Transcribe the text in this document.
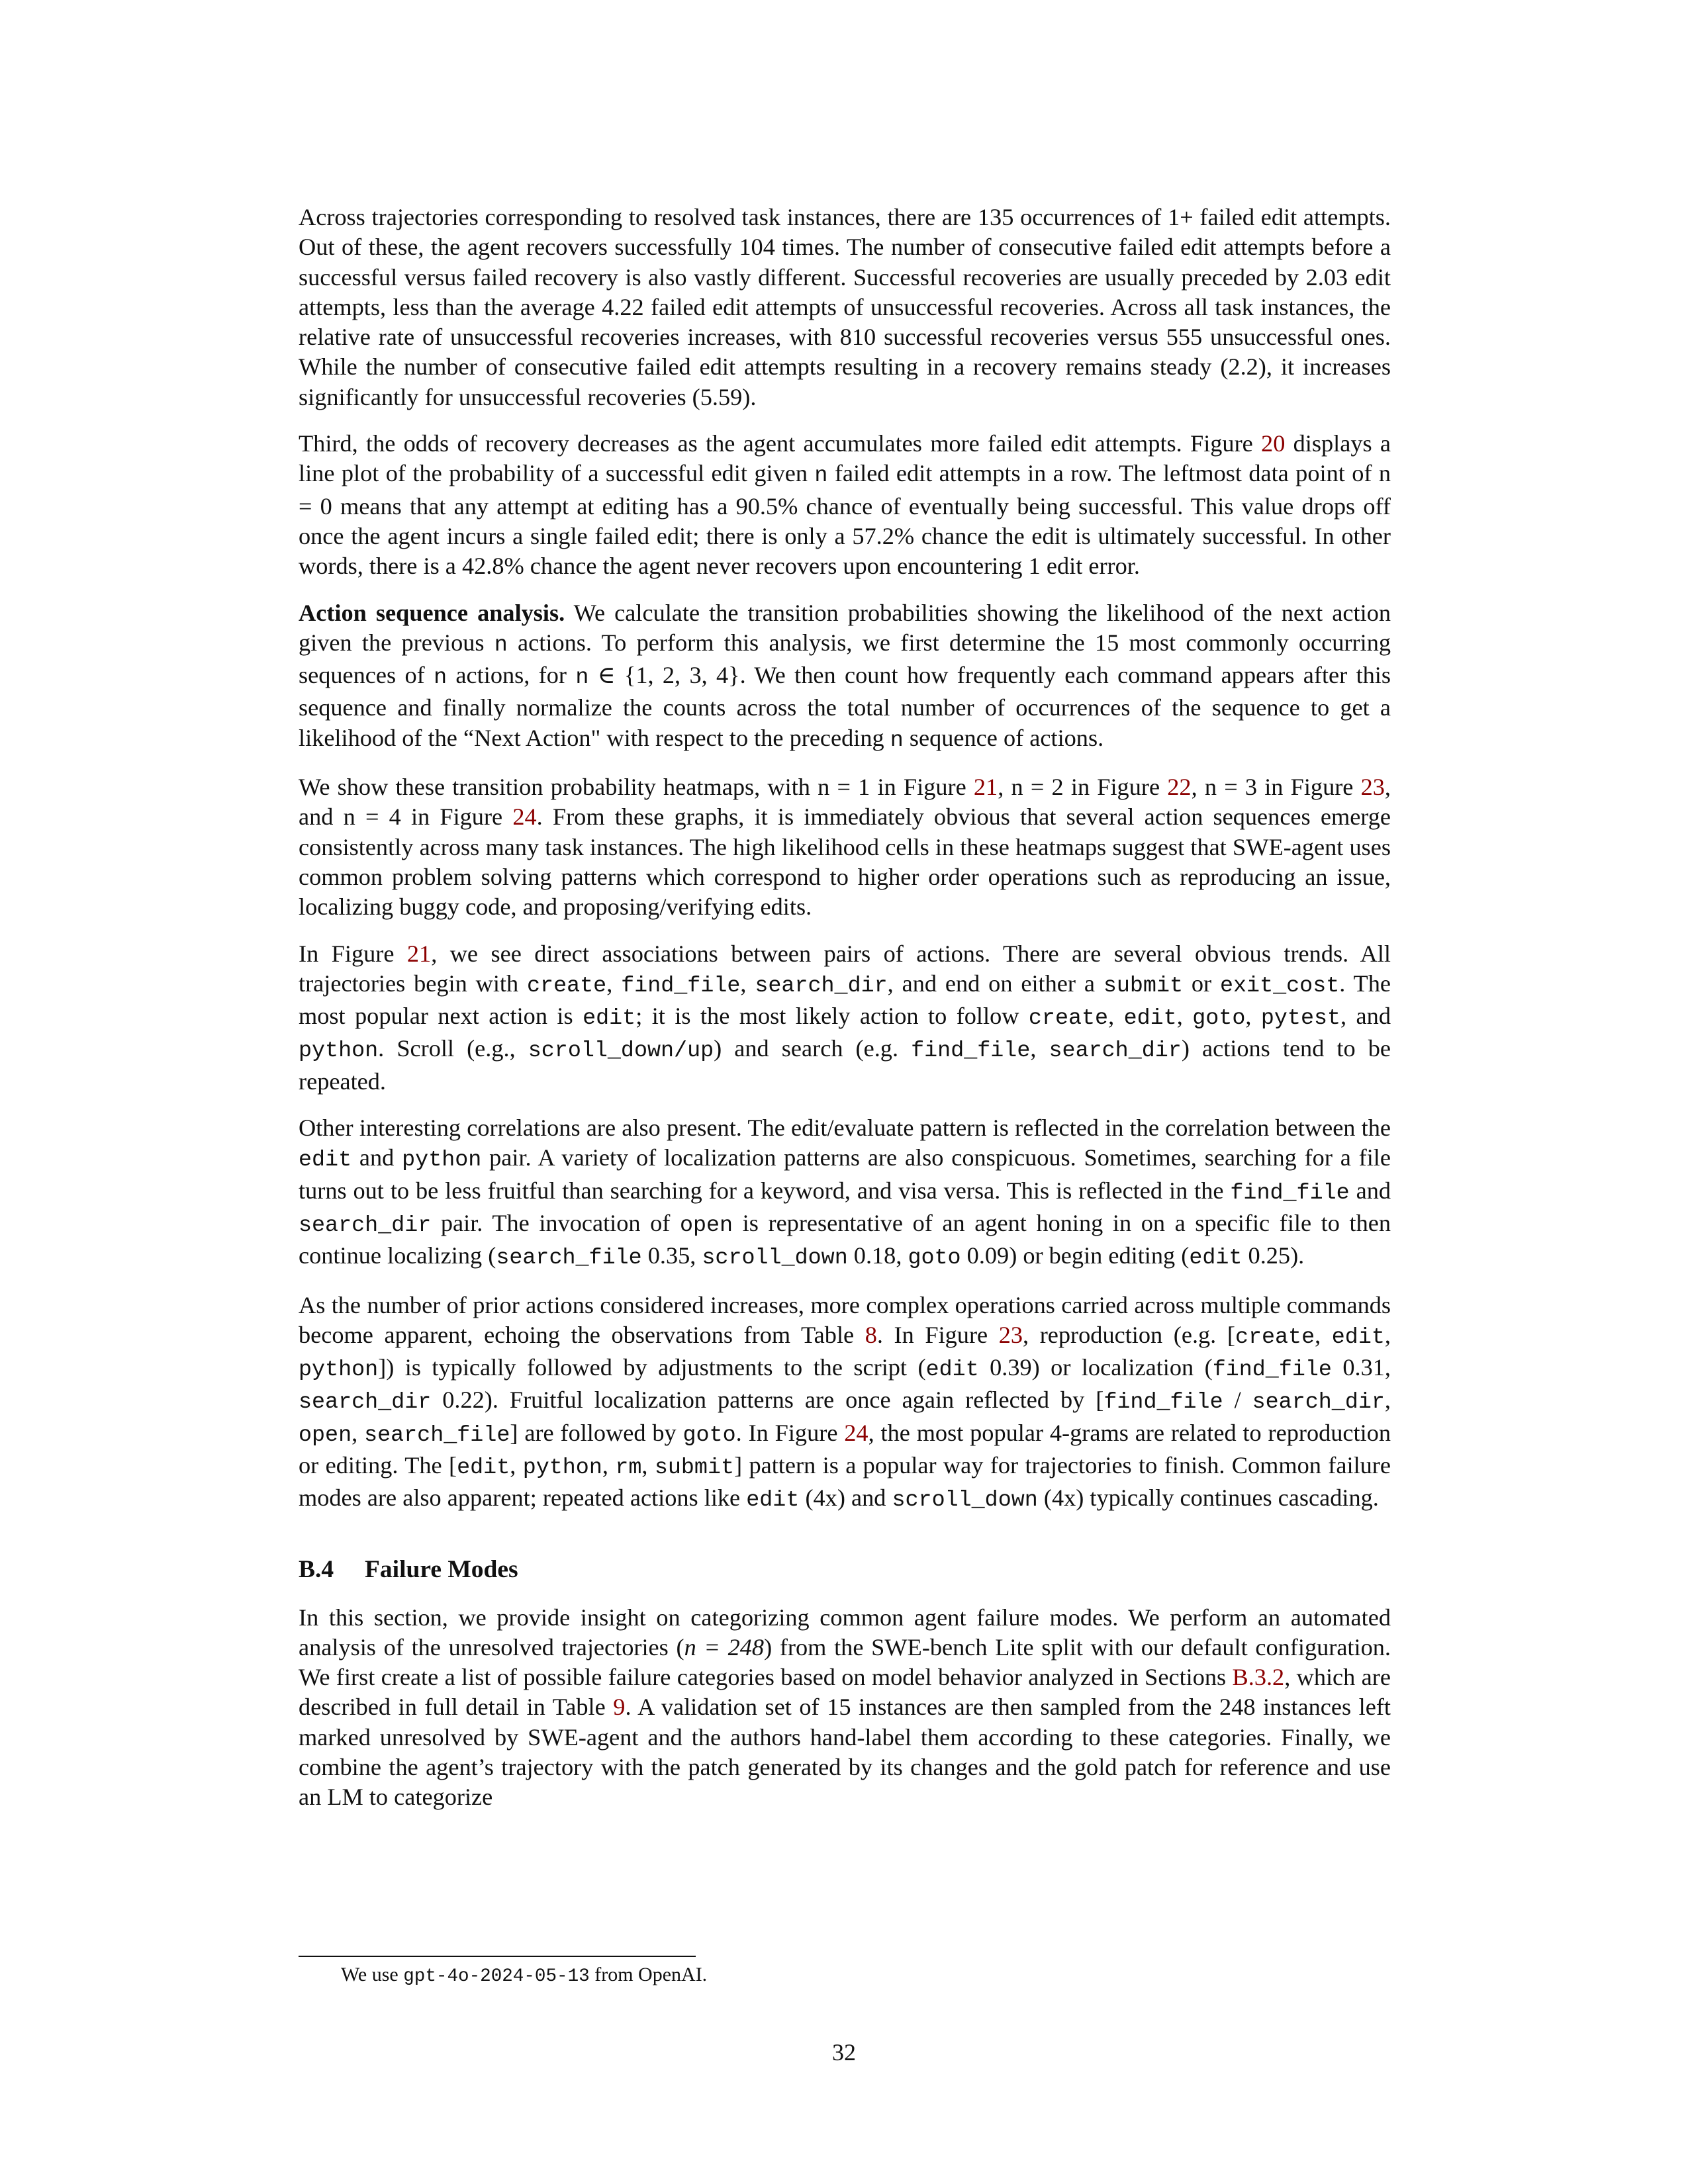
Across trajectories corresponding to resolved task instances, there are 135 occurrences of 1+ failed edit attempts. Out of these, the agent recovers successfully 104 times. The number of consecutive failed edit attempts before a successful versus failed recovery is also vastly different. Successful recoveries are usually preceded by 2.03 edit attempts, less than the average 4.22 failed edit attempts of unsuccessful recoveries. Across all task instances, the relative rate of unsuccessful recoveries increases, with 810 successful recoveries versus 555 unsuccessful ones. While the number of consecutive failed edit attempts resulting in a recovery remains steady (2.2), it increases significantly for unsuccessful recoveries (5.59).

Third, the odds of recovery decreases as the agent accumulates more failed edit attempts. Figure 20 displays a line plot of the probability of a successful edit given n failed edit attempts in a row. The leftmost data point of n = 0 means that any attempt at editing has a 90.5% chance of eventually being successful. This value drops off once the agent incurs a single failed edit; there is only a 57.2% chance the edit is ultimately successful. In other words, there is a 42.8% chance the agent never recovers upon encountering 1 edit error.

Action sequence analysis. We calculate the transition probabilities showing the likelihood of the next action given the previous n actions. To perform this analysis, we first determine the 15 most commonly occurring sequences of n actions, for n ∈ {1, 2, 3, 4}. We then count how frequently each command appears after this sequence and finally normalize the counts across the total number of occurrences of the sequence to get a likelihood of the “Next Action" with respect to the preceding n sequence of actions.

We show these transition probability heatmaps, with n = 1 in Figure 21, n = 2 in Figure 22, n = 3 in Figure 23, and n = 4 in Figure 24. From these graphs, it is immediately obvious that several action sequences emerge consistently across many task instances. The high likelihood cells in these heatmaps suggest that SWE-agent uses common problem solving patterns which correspond to higher order operations such as reproducing an issue, localizing buggy code, and proposing/verifying edits.

In Figure 21, we see direct associations between pairs of actions. There are several obvious trends. All trajectories begin with create, find_file, search_dir, and end on either a submit or exit_cost. The most popular next action is edit; it is the most likely action to follow create, edit, goto, pytest, and python. Scroll (e.g., scroll_down/up) and search (e.g. find_file, search_dir) actions tend to be repeated.

Other interesting correlations are also present. The edit/evaluate pattern is reflected in the correlation between the edit and python pair. A variety of localization patterns are also conspicuous. Sometimes, searching for a file turns out to be less fruitful than searching for a keyword, and visa versa. This is reflected in the find_file and search_dir pair. The invocation of open is representative of an agent honing in on a specific file to then continue localizing (search_file 0.35, scroll_down 0.18, goto 0.09) or begin editing (edit 0.25).

As the number of prior actions considered increases, more complex operations carried across multiple commands become apparent, echoing the observations from Table 8. In Figure 23, reproduction (e.g. [create, edit, python]) is typically followed by adjustments to the script (edit 0.39) or localization (find_file 0.31, search_dir 0.22). Fruitful localization patterns are once again reflected by [find_file / search_dir, open, search_file] are followed by goto. In Figure 24, the most popular 4-grams are related to reproduction or editing. The [edit, python, rm, submit] pattern is a popular way for trajectories to finish. Common failure modes are also apparent; repeated actions like edit (4x) and scroll_down (4x) typically continues cascading.

B.4 Failure Modes

In this section, we provide insight on categorizing common agent failure modes. We perform an automated analysis of the unresolved trajectories (n = 248) from the SWE-bench Lite split with our default configuration. We first create a list of possible failure categories based on model behavior analyzed in Sections B.3.2, which are described in full detail in Table 9. A validation set of 15 instances are then sampled from the 248 instances left marked unresolved by SWE-agent and the authors hand-label them according to these categories. Finally, we combine the agent’s trajectory with the patch generated by its changes and the gold patch for reference and use an LM to categorize

We use gpt-4o-2024-05-13 from OpenAI.
32
